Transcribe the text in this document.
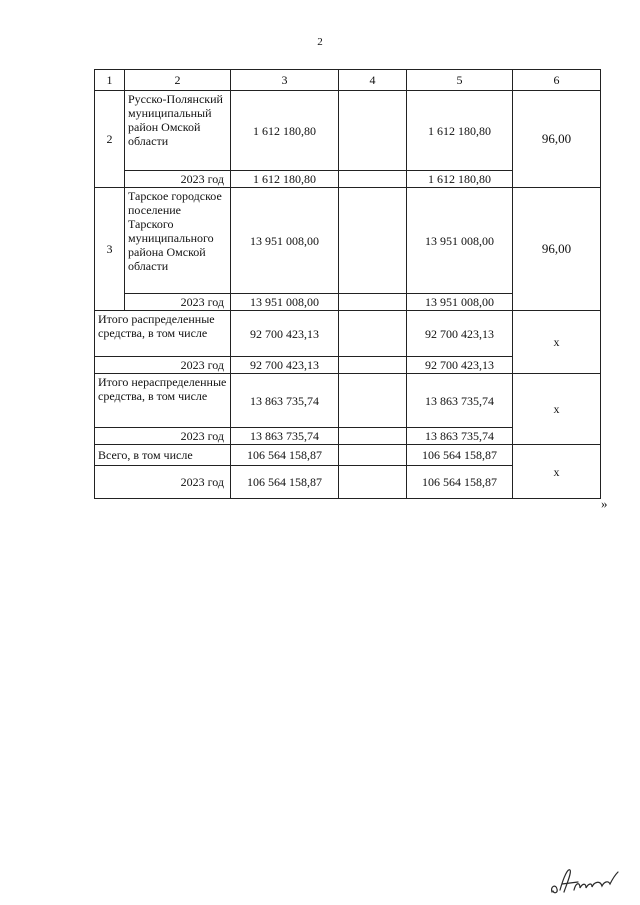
2
1	2	3	4	5	6
2	Русско-Полянский муниципальный район Омской области	1 612 180,80		1 612 180,80	96,00
	2023 год	1 612 180,80		1 612 180,80	
3	Тарское городское поселение Тарского муниципального района Омской области	13 951 008,00		13 951 008,00	96,00
	2023 год	13 951 008,00		13 951 008,00	
Итого распределенные средства, в том числе		92 700 423,13		92 700 423,13	х
2023 год		92 700 423,13		92 700 423,13	
Итого нераспределенные средства, в том числе		13 863 735,74		13 863 735,74	х
2023 год		13 863 735,74		13 863 735,74	
Всего, в том числе		106 564 158,87		106 564 158,87	х
2023 год		106 564 158,87		106 564 158,87	
»
